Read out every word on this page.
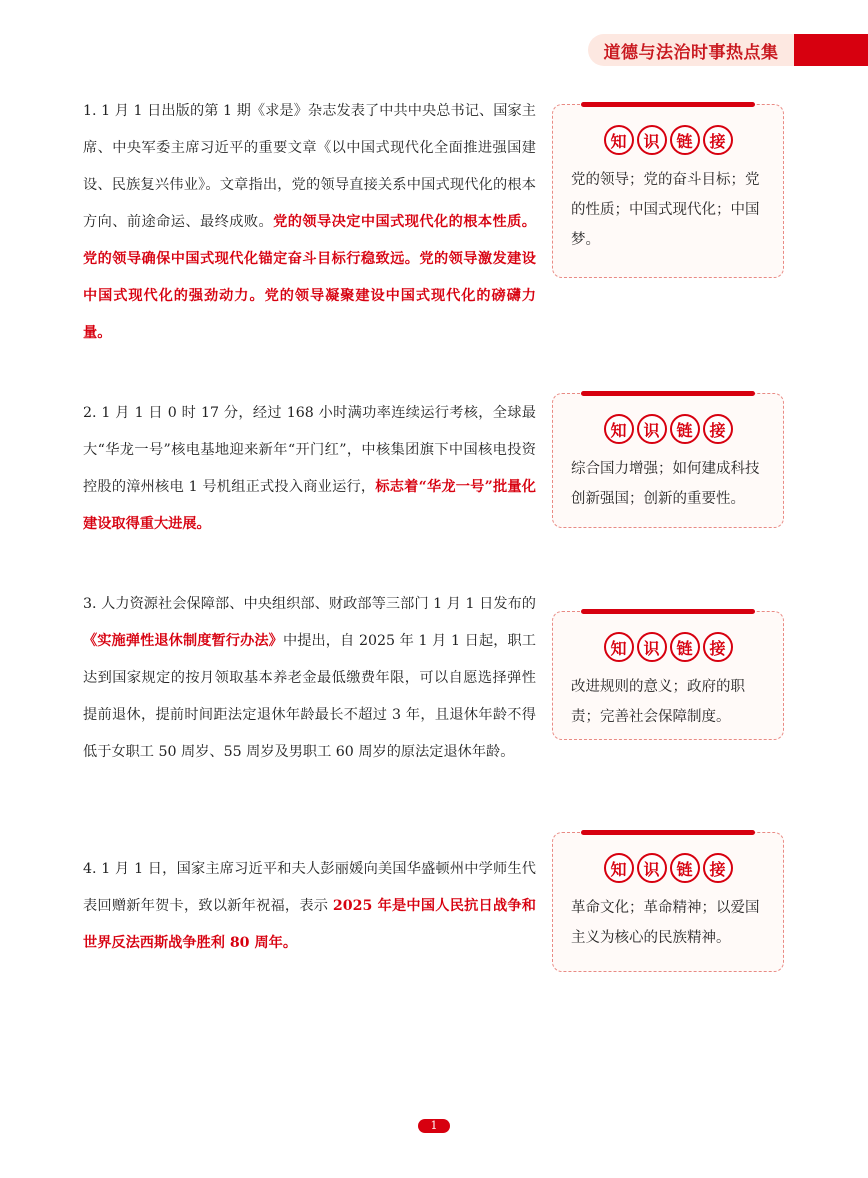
道德与法治时事热点集
1. 1 月 1 日出版的第 1 期《求是》杂志发表了中共中央总书记、国家主席、中央军委主席习近平的重要文章《以中国式现代化全面推进强国建设、民族复兴伟业》。文章指出，党的领导直接关系中国式现代化的根本方向、前途命运、最终成败。党的领导决定中国式现代化的根本性质。党的领导确保中国式现代化锚定奋斗目标行稳致远。党的领导激发建设中国式现代化的强劲动力。党的领导凝聚建设中国式现代化的磅礴力量。
2. 1 月 1 日 0 时 17 分，经过 168 小时满功率连续运行考核，全球最大“华龙一号”核电基地迎来新年“开门红”，中核集团旗下中国核电投资控股的漳州核电 1 号机组正式投入商业运行，标志着“华龙一号”批量化建设取得重大进展。
3. 人力资源社会保障部、中央组织部、财政部等三部门 1 月 1 日发布的《实施弹性退休制度暂行办法》中提出，自 2025 年 1 月 1 日起，职工达到国家规定的按月领取基本养老金最低缴费年限，可以自愿选择弹性提前退休，提前时间距法定退休年龄最长不超过 3 年，且退休年龄不得低于女职工 50 周岁、55 周岁及男职工 60 周岁的原法定退休年龄。
4. 1 月 1 日，国家主席习近平和夫人彭丽媛向美国华盛顿州中学师生代表回赠新年贺卡，致以新年祝福，表示 2025 年是中国人民抗日战争和世界反法西斯战争胜利 80 周年。
知	识	链	接
党的领导；党的奋斗目标；党的性质；中国式现代化；中国梦。
知	识	链	接
综合国力增强；如何建成科技创新强国；创新的重要性。
知	识	链	接
改进规则的意义；政府的职责；完善社会保障制度。
知	识	链	接
革命文化；革命精神；以爱国主义为核心的民族精神。
1
